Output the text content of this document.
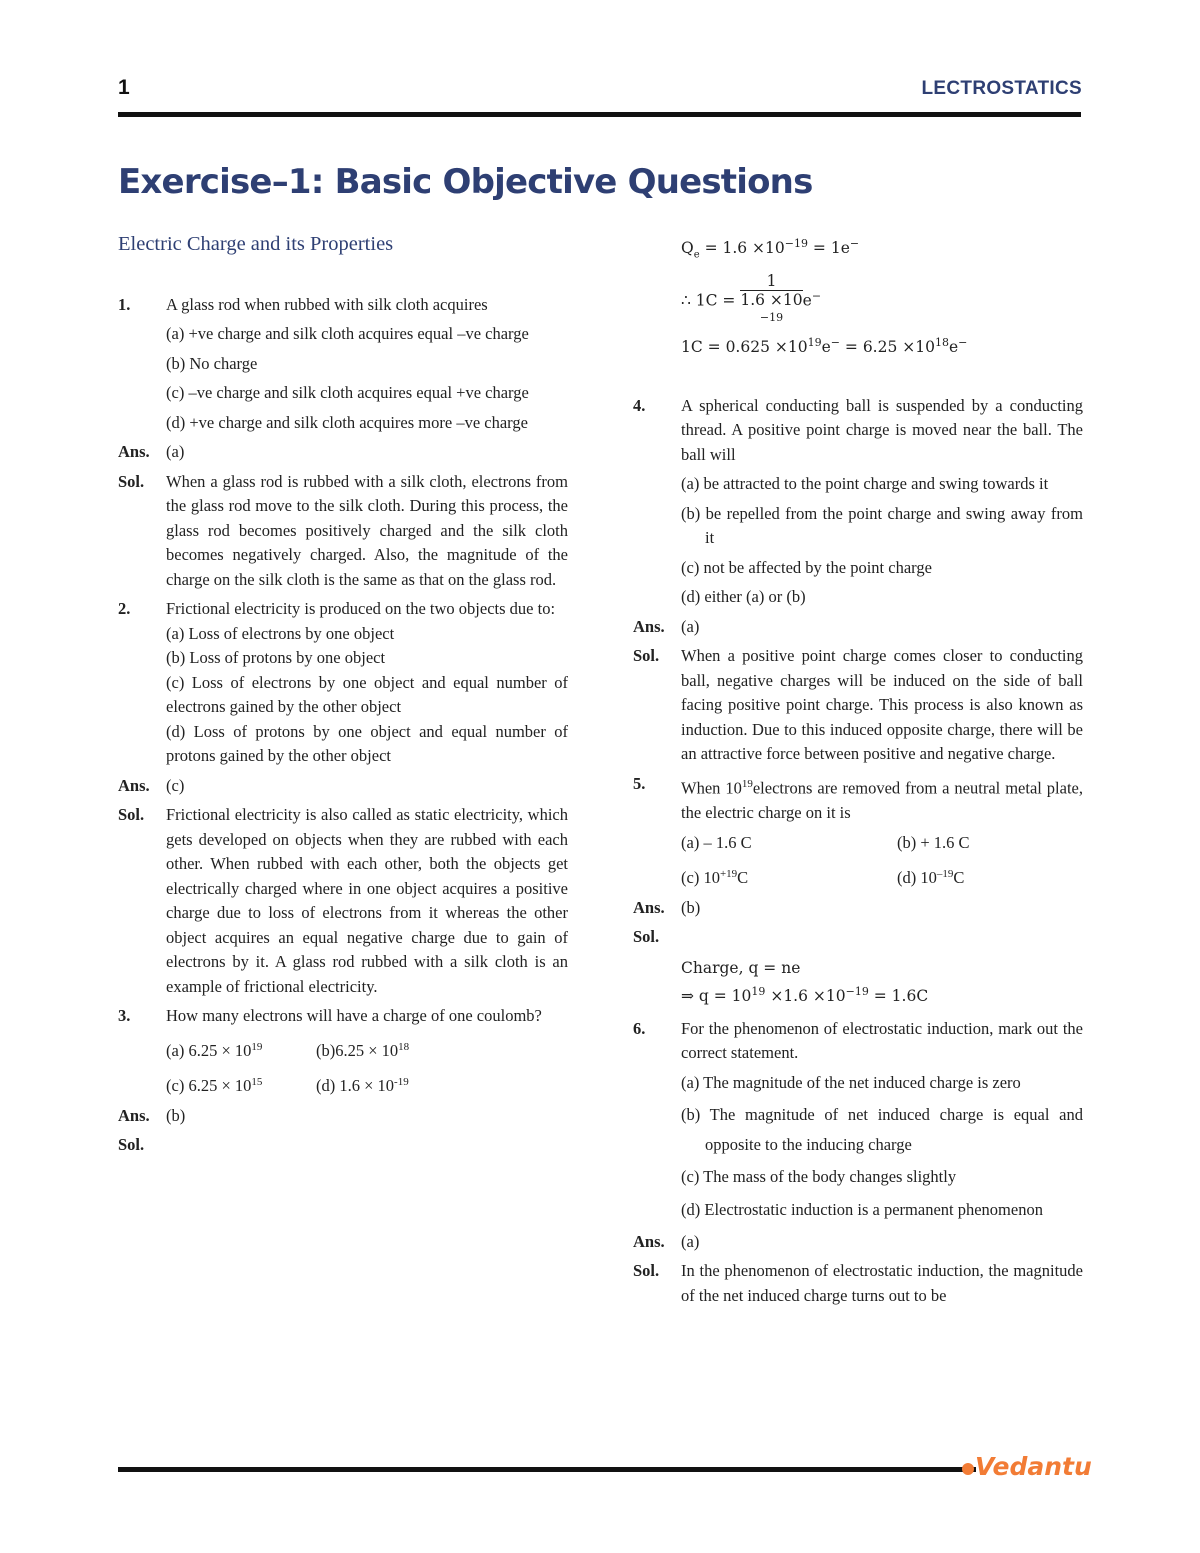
1	LECTROSTATICS
Exercise–1: Basic Objective Questions
Electric Charge and its Properties
1.	A glass rod when rubbed with silk cloth acquires
(a) +ve charge and silk cloth acquires equal –ve charge
(b) No charge
(c) –ve charge and silk cloth acquires equal +ve charge
(d) +ve charge and silk cloth acquires more –ve charge
Ans. (a)
Sol.	When a glass rod is rubbed with a silk cloth, electrons from the glass rod move to the silk cloth. During this process, the glass rod becomes positively charged and the silk cloth becomes negatively charged. Also, the magnitude of the charge on the silk cloth is the same as that on the glass rod.
2.	Frictional electricity is produced on the two objects due to:
(a) Loss of electrons by one object
(b) Loss of protons by one object
(c) Loss of electrons by one object and equal number of electrons gained by the other object
(d) Loss of protons by one object and equal number of protons gained by the other object
Ans. (c)
Sol.	Frictional electricity is also called as static electricity, which gets developed on objects when they are rubbed with each other. When rubbed with each other, both the objects get electrically charged where in one object acquires a positive charge due to loss of electrons from it whereas the other object acquires an equal negative charge due to gain of electrons by it. A glass rod rubbed with a silk cloth is an example of frictional electricity.
3.	How many electrons will have a charge of one coulomb?
(a) $6.25 \times 10^{19}$	$(b)6.25 \times 10^{18}$
(c) $6.25 \times 10^{15}$	(d) $1.6 \times 10^{-19}$
Ans. (b)
Sol.
$Q_e = 1.6 \times 10^{-19} = 1e^-$
∴ 1C = 1
1.6 ×10
$^{-19}$ e−
$1C = 0.625 \times 10^{19}e^- = 6.25 \times 10^{18}e^-$
4.	A spherical conducting ball is suspended by a conducting thread. A positive point charge is moved near the ball. The ball will
(a) be attracted to the point charge and swing towards it
(b) be repelled from the point charge and swing away from it
(c) not be affected by the point charge
(d) either (a) or (b)
Ans. (a)
Sol.	When a positive point charge comes closer to conducting ball, negative charges will be induced on the side of ball facing positive point charge. This process is also known as induction. Due to this induced opposite charge, there will be an attractive force between positive and negative charge.
5.	When $10^{19}electrons$ are removed from a neutral metal plate, the electric charge on it is
(a) – 1.6 C	(b) + 1.6 C
(c) $10^{+19}C$	(d) $10^{-19}C$
Ans. (b)
Sol.
Charge, q = ne
⇒ $q = 10^{19} \times 1.6 \times 10^{-19} = 1.6C$
6.	For the phenomenon of electrostatic induction, mark out the correct statement.
(a) The magnitude of the net induced charge is zero
(b) The magnitude of net induced charge is equal and opposite to the inducing charge
(c) The mass of the body changes slightly
(d) Electrostatic induction is a permanent phenomenon
Ans. (a)
Sol.	In the phenomenon of electrostatic induction, the magnitude of the net induced charge turns out to be
Vedantu
